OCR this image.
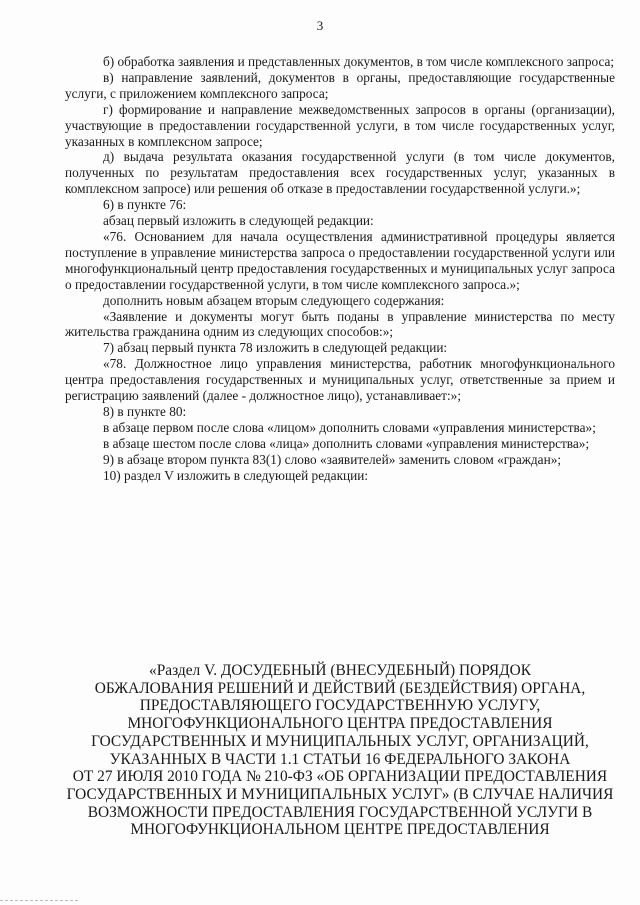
3

б) обработка заявления и представленных документов, в том числе комплексного запроса;

в) направление заявлений, документов в органы, предоставляющие государственные услуги, с приложением комплексного запроса;

г) формирование и направление межведомственных запросов в органы (организации), участвующие в предоставлении государственной услуги, в том числе государственных услуг, указанных в комплексном запросе;

д) выдача результата оказания государственной услуги (в том числе документов, полученных по результатам предоставления всех государственных услуг, указанных в комплексном запросе) или решения об отказе в предоставлении государственной услуги.»;

6) в пункте 76:

абзац первый изложить в следующей редакции:

«76. Основанием для начала осуществления административной процедуры является поступление в управление министерства запроса о предоставлении государственной услуги или многофункциональный центр предоставления государственных и муниципальных услуг запроса о предоставлении государственной услуги, в том числе комплексного запроса.»;

дополнить новым абзацем вторым следующего содержания:

«Заявление и документы могут быть поданы в управление министерства по месту жительства гражданина одним из следующих способов:»;

7) абзац первый пункта 78 изложить в следующей редакции:

«78. Должностное лицо управления министерства, работник многофункционального центра предоставления государственных и муниципальных услуг, ответственные за прием и регистрацию заявлений (далее - должностное лицо), устанавливает:»;

8) в пункте 80:

в абзаце первом после слова «лицом» дополнить словами «управления министерства»;

в абзаце шестом после слова «лица» дополнить словами «управления министерства»;

9) в абзаце втором пункта 83(1) слово «заявителей» заменить словом «граждан»;

10) раздел V изложить в следующей редакции:

«Раздел V. ДОСУДЕБНЫЙ (ВНЕСУДЕБНЫЙ) ПОРЯДОК
ОБЖАЛОВАНИЯ РЕШЕНИЙ И ДЕЙСТВИЙ (БЕЗДЕЙСТВИЯ) ОРГАНА,
ПРЕДОСТАВЛЯЮЩЕГО ГОСУДАРСТВЕННУЮ УСЛУГУ,
МНОГОФУНКЦИОНАЛЬНОГО ЦЕНТРА ПРЕДОСТАВЛЕНИЯ
ГОСУДАРСТВЕННЫХ И МУНИЦИПАЛЬНЫХ УСЛУГ, ОРГАНИЗАЦИЙ,
УКАЗАННЫХ В ЧАСТИ 1.1 СТАТЬИ 16 ФЕДЕРАЛЬНОГО ЗАКОНА
ОТ 27 ИЮЛЯ 2010 ГОДА № 210-ФЗ «ОБ ОРГАНИЗАЦИИ ПРЕДОСТАВЛЕНИЯ
ГОСУДАРСТВЕННЫХ И МУНИЦИПАЛЬНЫХ УСЛУГ» (В СЛУЧАЕ НАЛИЧИЯ
ВОЗМОЖНОСТИ ПРЕДОСТАВЛЕНИЯ ГОСУДАРСТВЕННОЙ УСЛУГИ В
МНОГОФУНКЦИОНАЛЬНОМ ЦЕНТРЕ ПРЕДОСТАВЛЕНИЯ
